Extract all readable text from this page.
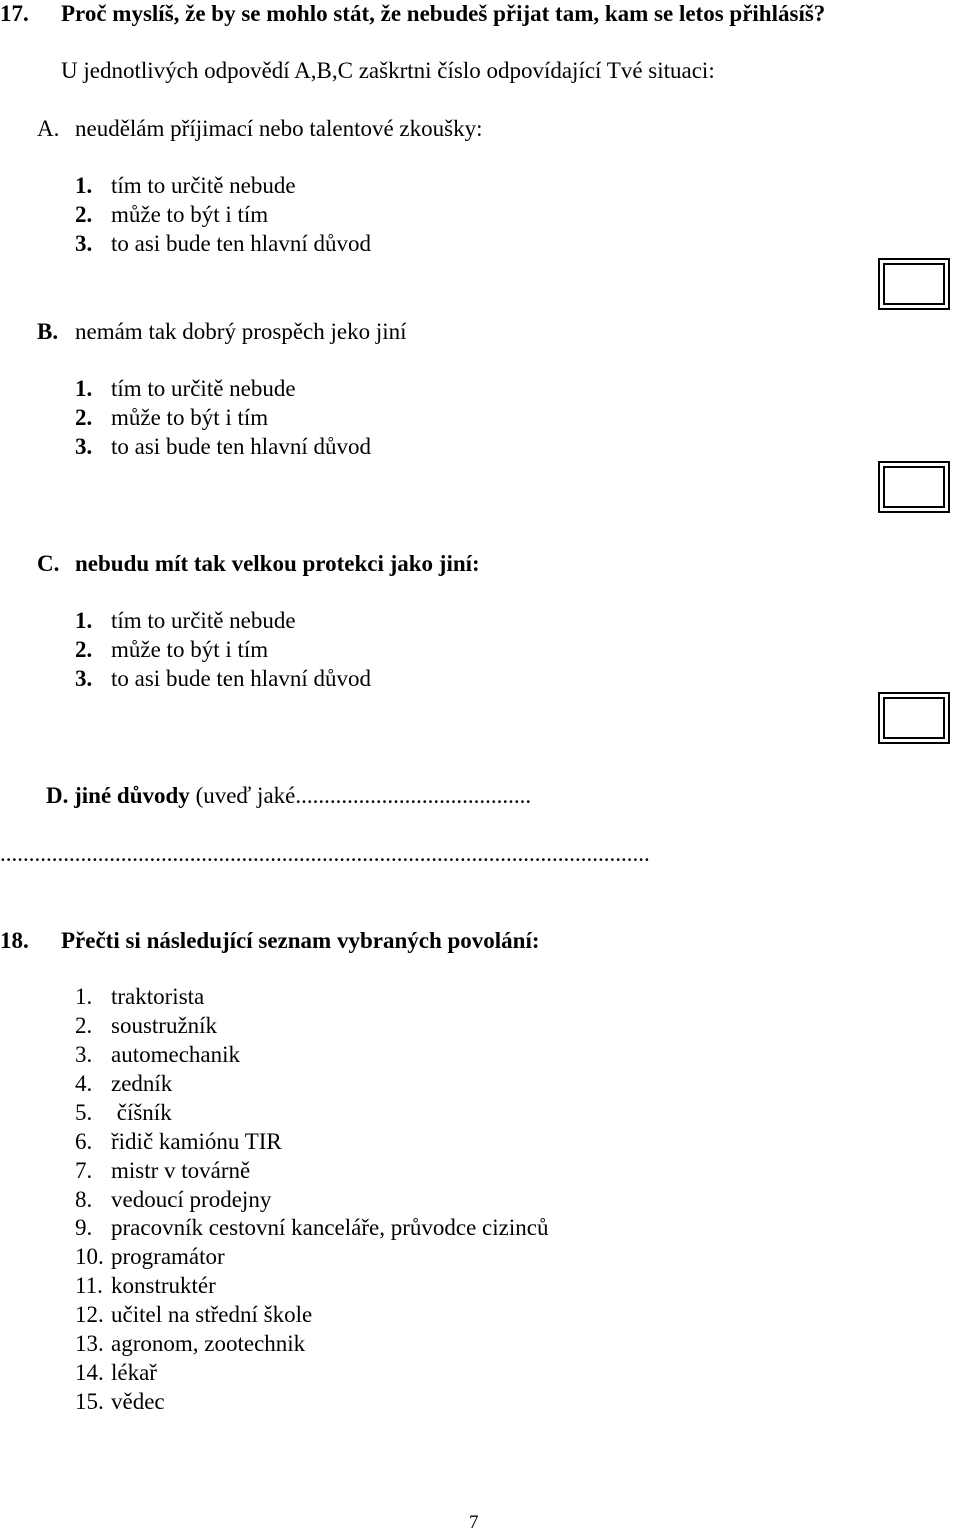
17. Proč myslíš, že by se mohlo stát, že nebudeš přijat tam, kam se letos přihlásíš?
U jednotlivých odpovědí A,B,C zaškrtni číslo odpovídající Tvé situaci:
A. neudělám příjimací nebo talentové zkoušky:
1. tím to určitě nebude
2. může to být i tím
3. to asi bude ten hlavní důvod
B. nemám tak dobrý prospěch jeko jiní
1. tím to určitě nebude
2. může to být i tím
3. to asi bude ten hlavní důvod
C. nebudu mít tak velkou protekci jako jiní:
1. tím to určitě nebude
2. může to být i tím
3. to asi bude ten hlavní důvod
D. jiné důvody (uveď jaké.........................................
.................................................................................................................
18. Přečti si následující seznam vybraných povolání:
1. traktorista
2. soustružník
3. automechanik
4. zedník
5. číšník
6. řidič kamiónu TIR
7. mistr v továrně
8. vedoucí prodejny
9. pracovník cestovní kanceláře, průvodce cizinců
10. programátor
11. konstruktér
12. učitel na střední škole
13. agronom, zootechnik
14. lékař
15. vědec
7
